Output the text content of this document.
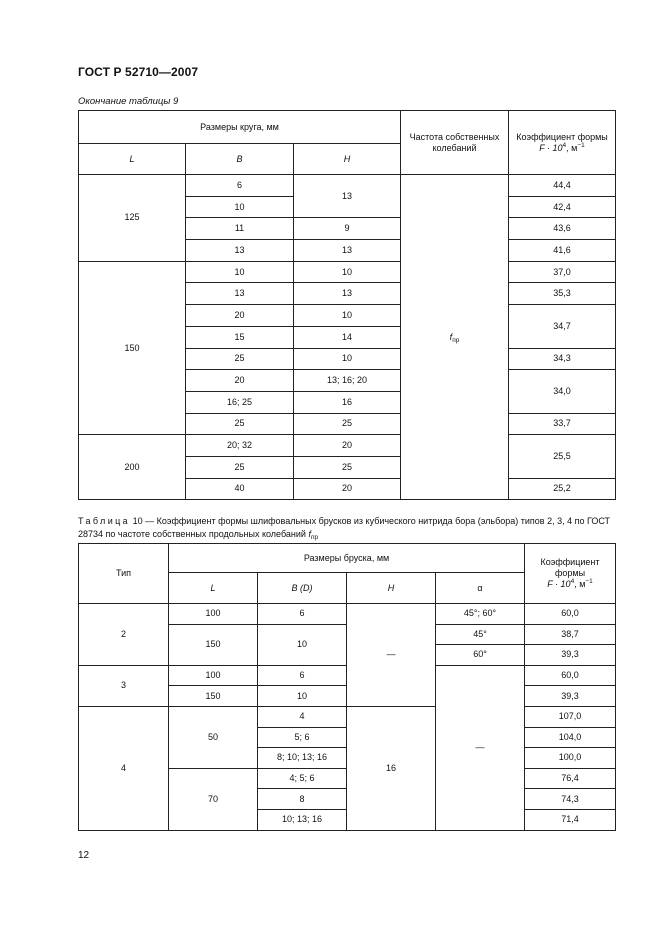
ГОСТ Р 52710—2007
Окончание таблицы 9
Размеры круга, мм			Частота собственных колебаний	Коэффициент формы
$F \cdot 10^4$, $м^{-1}$
L	B	H		
125	6	13	$f_{пр}$	44,4
	10			42,4
	11	9		43,6
	13	13		41,6
150	10	10		37,0
	13	13		35,3
	20	10		34,7
	15	14		
	25	10		34,3
	20	13; 16; 20		34,0
	16; 25	16		
	25	25		33,7
200	20; 32	20		25,5
	25	25		
	40	20		25,2
Таблица 10 — Коэффициент формы шлифовальных брусков из кубического нитрида бора (эльбора) типов 2, 3, 4 по ГОСТ 28734 по частоте собственных продольных колебаний $f_{пр}$
Тип	Размеры бруска, мм				Коэффициент формы
$F \cdot 10^4$, $м^{-1}$
	L	B (D)	H	α	
2	100	6	—	45°; 60°	60,0
	150	10		45°	38,7
				60°	39,3
3	100	6		—	60,0
	150	10			39,3
4	50	4	16		107,0
		5; 6			104,0
		8; 10; 13; 16			100,0
	70	4; 5; 6			76,4
		8			74,3
		10; 13; 16			71,4
12
